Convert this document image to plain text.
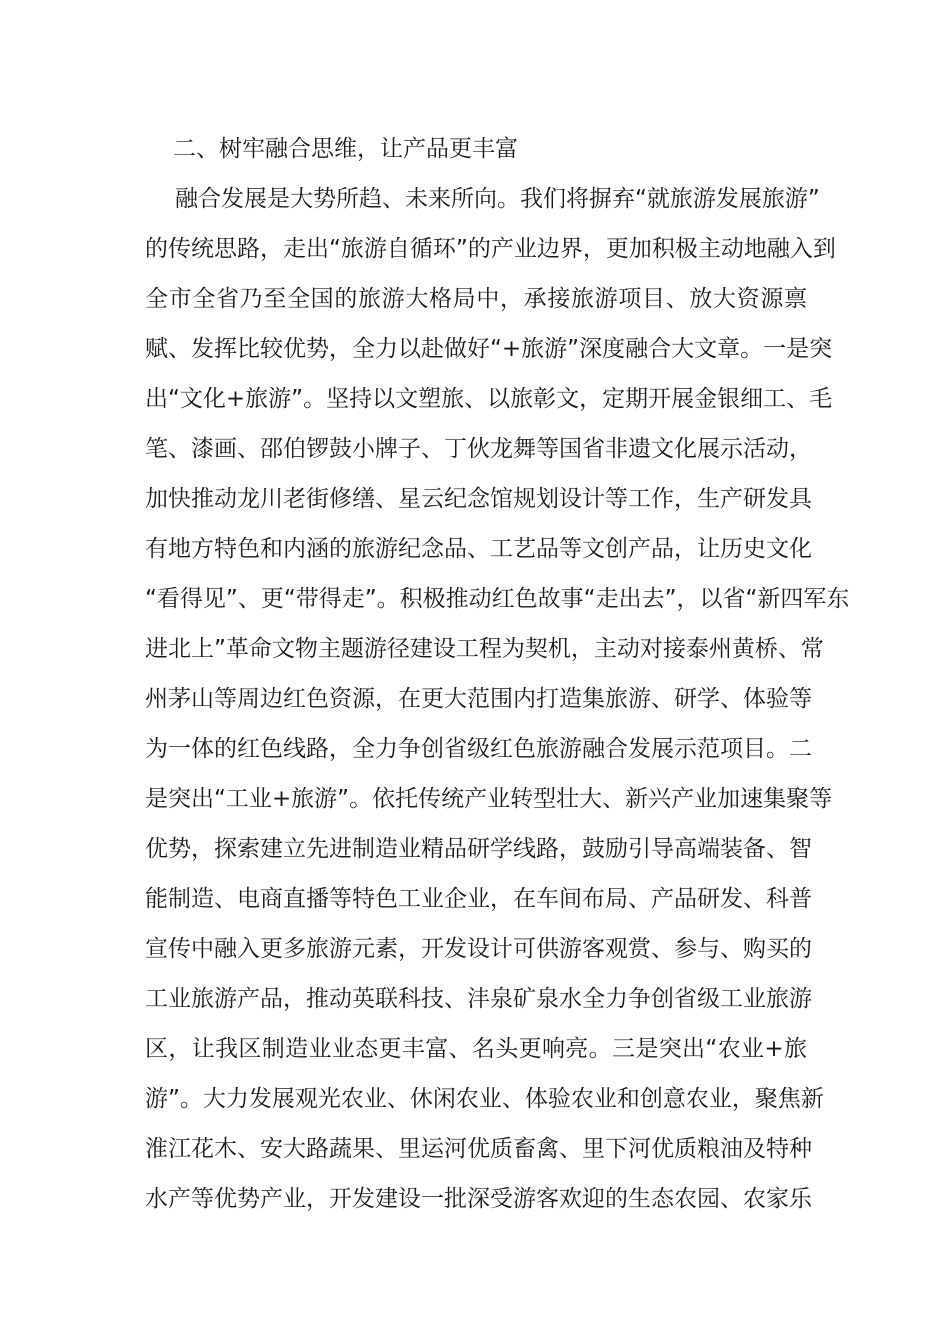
二、树牢融合思维，让产品更丰富
融合发展是大势所趋、未来所向。我们将摒弃“就旅游发展旅游”
的传统思路，走出“旅游自循环”的产业边界，更加积极主动地融入到
全市全省乃至全国的旅游大格局中，承接旅游项目、放大资源禀
赋、发挥比较优势，全力以赴做好“+旅游”深度融合大文章。一是突
出“文化+旅游”。坚持以文塑旅、以旅彰文，定期开展金银细工、毛
笔、漆画、邵伯锣鼓小牌子、丁伙龙舞等国省非遗文化展示活动，
加快推动龙川老街修缮、星云纪念馆规划设计等工作，生产研发具
有地方特色和内涵的旅游纪念品、工艺品等文创产品，让历史文化
“看得见”、更“带得走”。积极推动红色故事“走出去”，以省“新四军东
进北上”革命文物主题游径建设工程为契机，主动对接泰州黄桥、常
州茅山等周边红色资源，在更大范围内打造集旅游、研学、体验等
为一体的红色线路，全力争创省级红色旅游融合发展示范项目。二
是突出“工业+旅游”。依托传统产业转型壮大、新兴产业加速集聚等
优势，探索建立先进制造业精品研学线路，鼓励引导高端装备、智
能制造、电商直播等特色工业企业，在车间布局、产品研发、科普
宣传中融入更多旅游元素，开发设计可供游客观赏、参与、购买的
工业旅游产品，推动英联科技、沣泉矿泉水全力争创省级工业旅游
区，让我区制造业业态更丰富、名头更响亮。三是突出“农业+旅
游”。大力发展观光农业、休闲农业、体验农业和创意农业，聚焦新
淮江花木、安大路蔬果、里运河优质畜禽、里下河优质粮油及特种
水产等优势产业，开发建设一批深受游客欢迎的生态农园、农家乐
